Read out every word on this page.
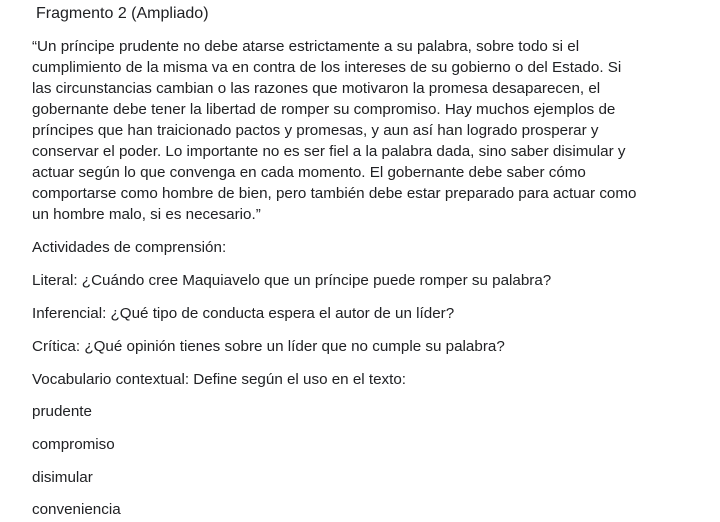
Fragmento 2 (Ampliado)

“Un príncipe prudente no debe atarse estrictamente a su palabra, sobre todo si el
cumplimiento de la misma va en contra de los intereses de su gobierno o del Estado. Si
las circunstancias cambian o las razones que motivaron la promesa desaparecen, el
gobernante debe tener la libertad de romper su compromiso. Hay muchos ejemplos de
príncipes que han traicionado pactos y promesas, y aun así han logrado prosperar y
conservar el poder. Lo importante no es ser fiel a la palabra dada, sino saber disimular y
actuar según lo que convenga en cada momento. El gobernante debe saber cómo
comportarse como hombre de bien, pero también debe estar preparado para actuar como
un hombre malo, si es necesario.”

Actividades de comprensión:

Literal: ¿Cuándo cree Maquiavelo que un príncipe puede romper su palabra?

Inferencial: ¿Qué tipo de conducta espera el autor de un líder?

Crítica: ¿Qué opinión tienes sobre un líder que no cumple su palabra?

Vocabulario contextual: Define según el uso en el texto:

prudente

compromiso

disimular

conveniencia
